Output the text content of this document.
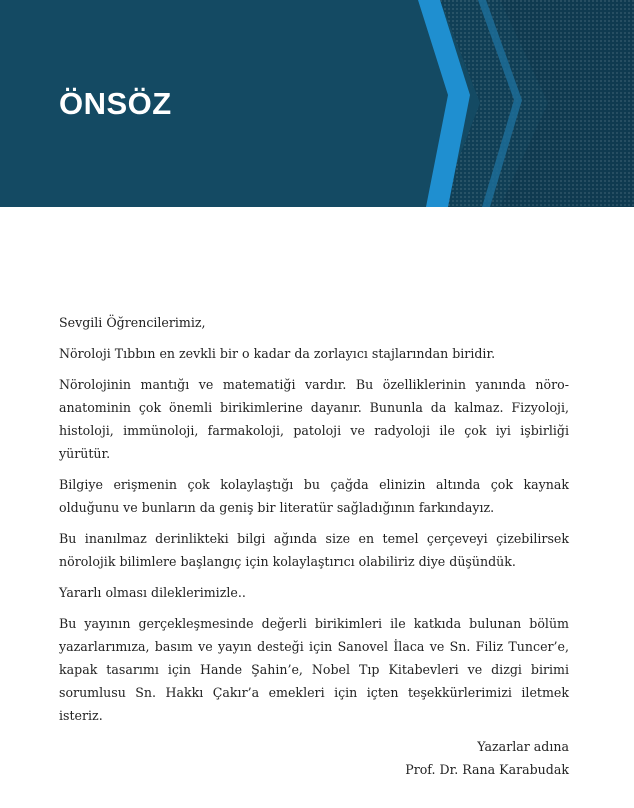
ÖNSÖZ

Sevgili Öğrencilerimiz,

Nöroloji Tıbbın en zevkli bir o kadar da zorlayıcı stajlarından biridir.

Nörolojinin mantığı ve matematiği vardır. Bu özelliklerinin yanında nöro-anatominin çok önemli birikimlerine dayanır. Bununla da kalmaz. Fizyoloji, histoloji, immünoloji, farmakoloji, patoloji ve radyoloji ile çok iyi işbirliği yürütür.

Bilgiye erişmenin çok kolaylaştığı bu çağda elinizin altında çok kaynak olduğunu ve bunların da geniş bir literatür sağladığının farkındayız.

Bu inanılmaz derinlikteki bilgi ağında size en temel çerçeveyi çizebilirsek nörolojik bilimlere başlangıç için kolaylaştırıcı olabiliriz diye düşündük.

Yararlı olması dileklerimizle..

Bu yayının gerçekleşmesinde değerli birikimleri ile katkıda bulunan bölüm yazarlarımıza, basım ve yayın desteği için Sanovel İlaca ve Sn. Filiz Tuncer’e, kapak tasarımı için Hande Şahin’e, Nobel Tıp Kitabevleri ve dizgi birimi sorumlusu Sn. Hakkı Çakır’a emekleri için içten teşekkürlerimizi iletmek isteriz.

Yazarlar adına
Prof. Dr. Rana Karabudak
